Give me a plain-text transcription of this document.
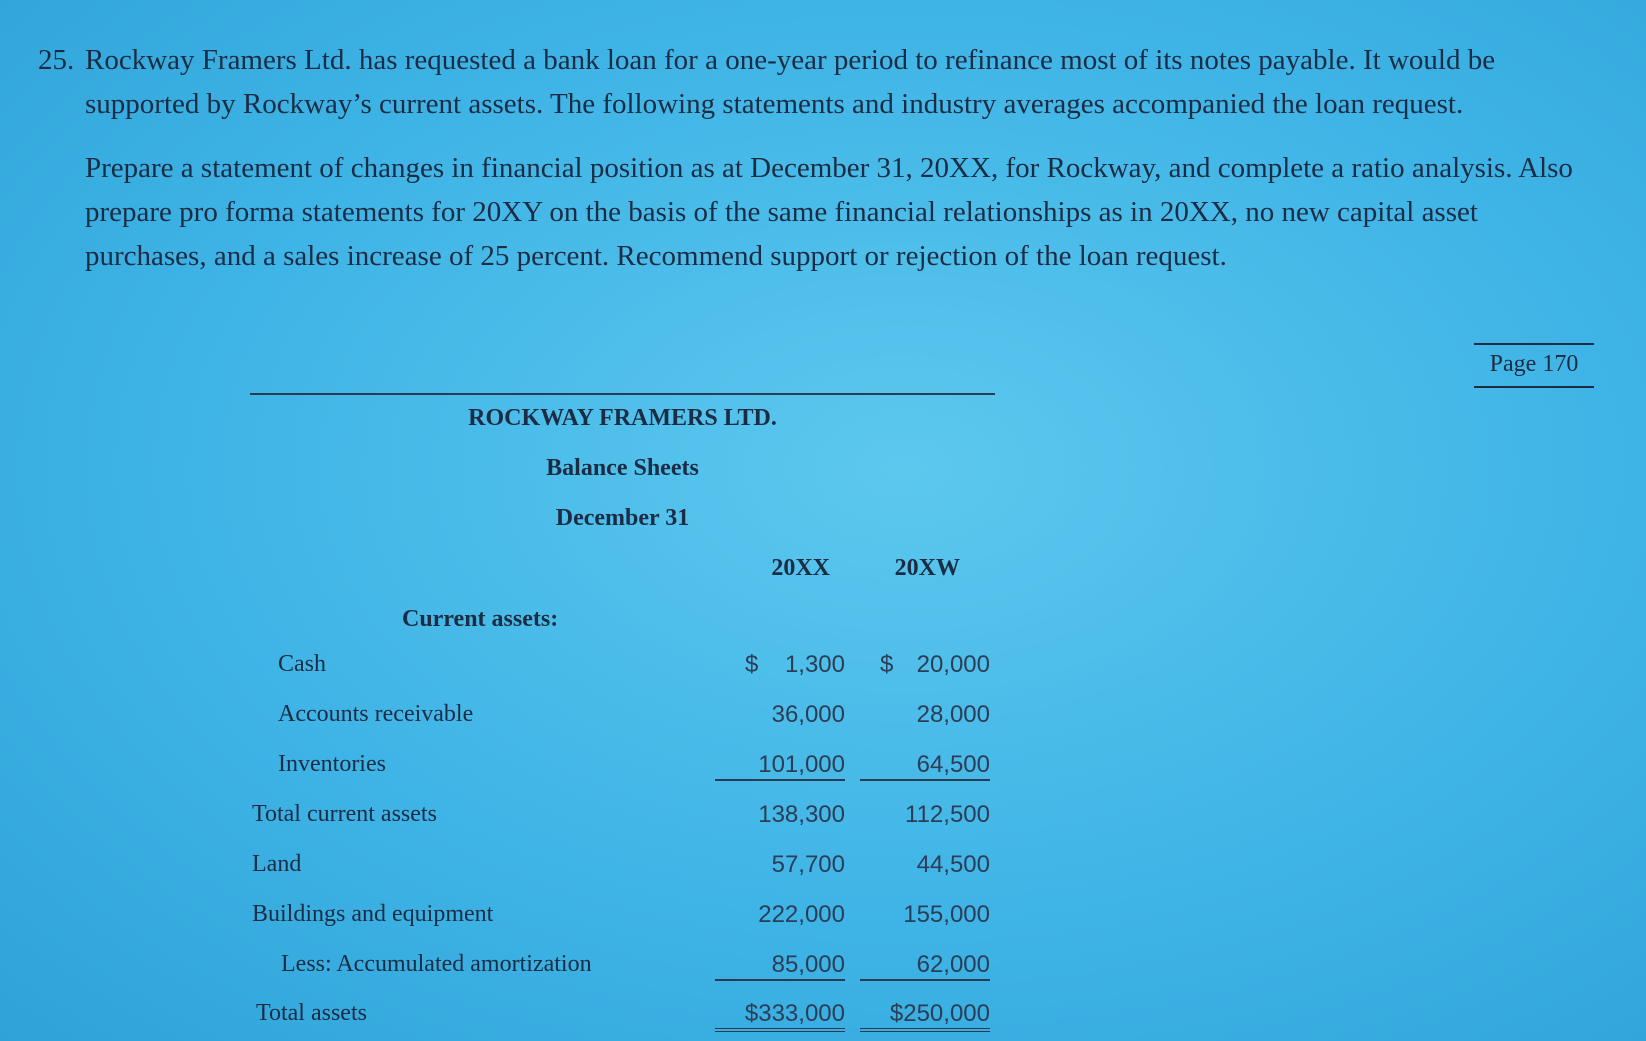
25. Rockway Framers Ltd. has requested a bank loan for a one-year period to refinance most of its notes payable. It would be supported by Rockway’s current assets. The following statements and industry averages accompanied the loan request.

Prepare a statement of changes in financial position as at December 31, 20XX, for Rockway, and complete a ratio analysis. Also prepare pro forma statements for 20XY on the basis of the same financial relationships as in 20XX, no new capital asset purchases, and a sales increase of 25 percent. Recommend support or rejection of the loan request.

Page 170
ROCKWAY FRAMERS LTD.
Balance Sheets
December 31
20XX	20XW
Current assets:
Cash	$ 1,300	$ 20,000
Accounts receivable	36,000	28,000
Inventories	101,000	64,500
Total current assets	138,300	112,500
Land	57,700	44,500
Buildings and equipment	222,000	155,000
Less: Accumulated amortization	85,000	62,000
Total assets	$333,000	$250,000
